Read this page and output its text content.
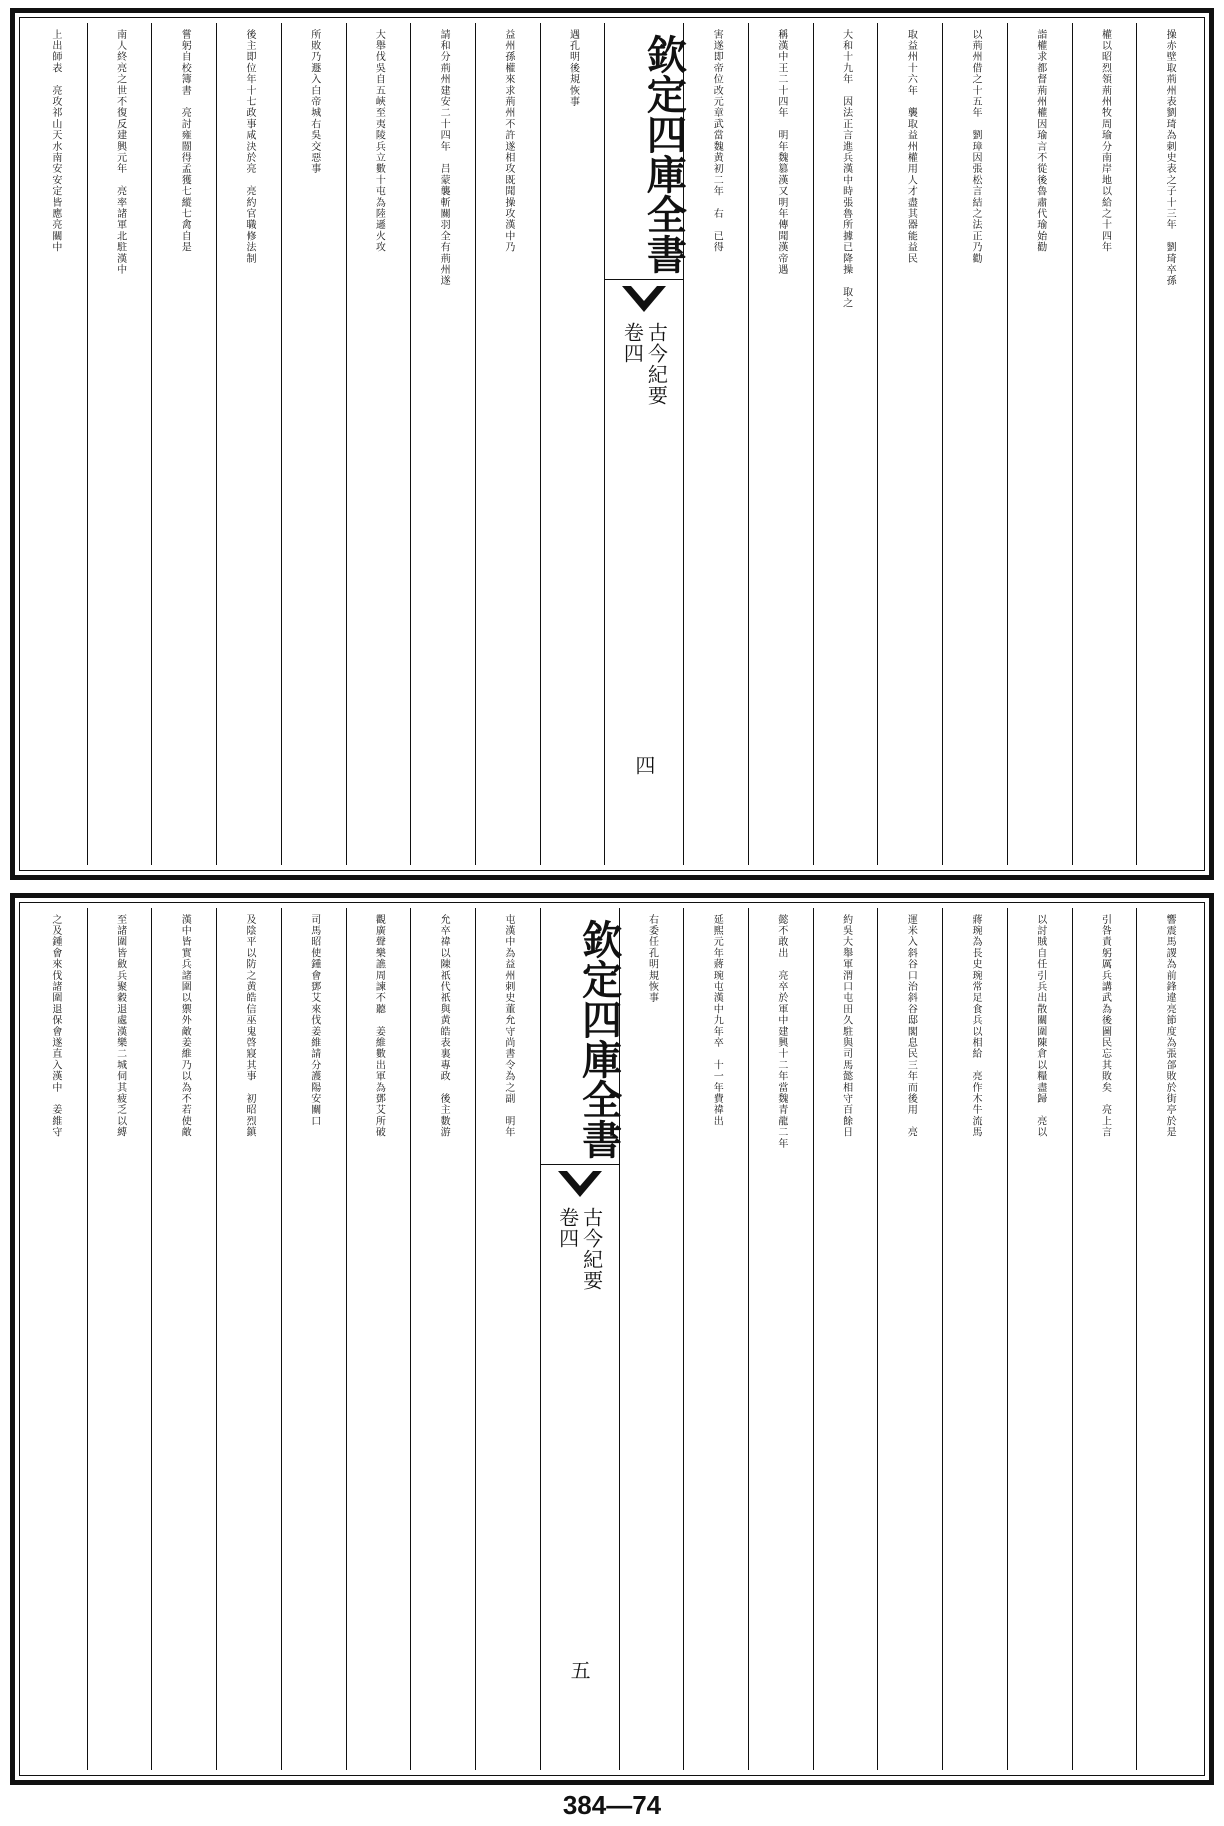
操赤壁取荊州表劉琦為刺史表之子十三年　劉琦卒孫
權以昭烈領荊州牧周瑜分南岸地以給之十四年
詣權求都督荊州權因瑜言不從後魯肅代瑜始勸
以荊州借之十五年　劉璋因張松言結之法正乃勸
取益州十六年　襲取益州權用人才盡其器能益民
大和十九年　因法正言進兵漢中時張魯所據已降操　取之
稱漢中王二十四年　明年魏篡漢又明年傳聞漢帝遇
害遂即帝位改元章武當魏黄初二年　右　已得
欽定四庫全書
古今紀要
卷四
四
遇孔明後規恢事
益州孫權來求荊州不許遂相攻既聞操攻漢中乃
請和分荊州建安二十四年　吕蒙襲斬關羽全有荊州遂
大舉伐吳自五峽至夷陵兵立數十屯為陸遜火攻
所敗乃遯入白帝城右吳交惡事
後主即位年十七政事咸決於亮　亮約官職修法制
嘗躬自校簿書　亮討雍闓得孟獲七縱七禽自是
南人終亮之世不復反建興元年　亮率諸軍北駐漢中
上出師表　亮攻祁山天水南安安定皆應亮關中
響震馬謖為前鋒違亮節度為張郃敗於街亭於是
引咎責躬厲兵講武為後圖民忘其敗矣　亮上言
以討賊自任引兵出散關圍陳倉以糧盡歸　亮以
蔣琬為長史琬常足食兵以相給　亮作木牛流馬
運米入斜谷口治斜谷邸閣息民三年而後用　亮
約吳大舉軍渭口屯田久駐與司馬懿相守百餘日
懿不敢出　亮卒於軍中建興十二年當魏青龍二年
延熙元年蔣琬屯漢中九年卒　十一年費禕出
右委任孔明規恢事
欽定四庫全書
古今紀要
卷四
五
屯漢中為益州刺史董允守尚書令為之副　明年
允卒禕以陳祇代祇與黄皓表裏專政　後主數游
觀廣聲樂譙周諫不聽　姜維數出軍為鄧艾所破
司馬昭使鍾會鄧艾來伐姜維請分護陽安關口
及陰平以防之黄皓信巫鬼啓寢其事　初昭烈鎮
漢中皆實兵諸圍以禦外敵姜維乃以為不若使敵
至諸圍皆斂兵聚穀退處漢樂二城伺其疲乏以縛
之及鍾會來伐諸圍退保會遂直入漢中　姜維守
384—74
